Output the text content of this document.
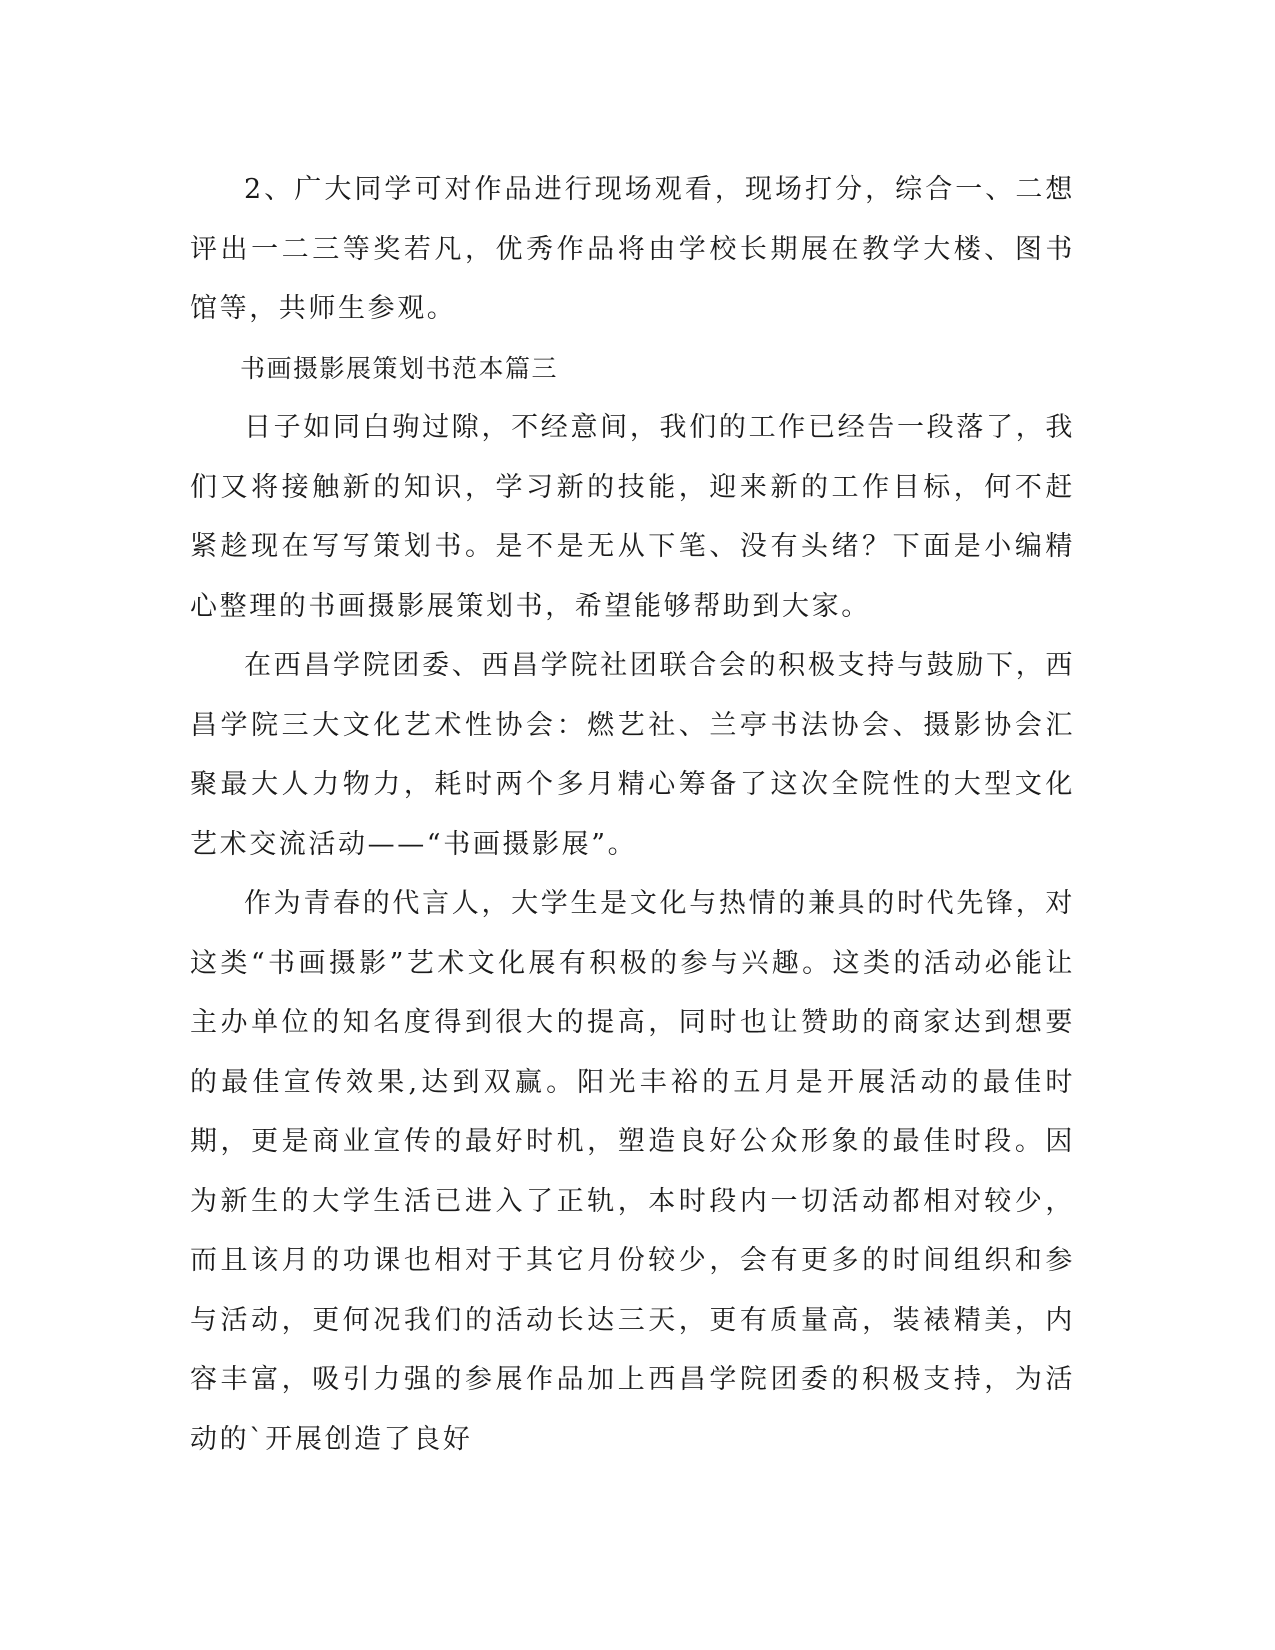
2、广大同学可对作品进行现场观看，现场打分，综合一、二想评出一二三等奖若凡，优秀作品将由学校长期展在教学大楼、图书馆等，共师生参观。

书画摄影展策划书范本篇三

日子如同白驹过隙，不经意间，我们的工作已经告一段落了，我们又将接触新的知识，学习新的技能，迎来新的工作目标，何不赶紧趁现在写写策划书。是不是无从下笔、没有头绪？下面是小编精心整理的书画摄影展策划书，希望能够帮助到大家。

在西昌学院团委、西昌学院社团联合会的积极支持与鼓励下，西昌学院三大文化艺术性协会：燃艺社、兰亭书法协会、摄影协会汇聚最大人力物力，耗时两个多月精心筹备了这次全院性的大型文化艺术交流活动——“书画摄影展”。

作为青春的代言人，大学生是文化与热情的兼具的时代先锋，对这类“书画摄影”艺术文化展有积极的参与兴趣。这类的活动必能让主办单位的知名度得到很大的提高，同时也让赞助的商家达到想要的最佳宣传效果,达到双赢。阳光丰裕的五月是开展活动的最佳时期，更是商业宣传的最好时机，塑造良好公众形象的最佳时段。因为新生的大学生活已进入了正轨，本时段内一切活动都相对较少，而且该月的功课也相对于其它月份较少，会有更多的时间组织和参与活动，更何况我们的活动长达三天，更有质量高，装裱精美，内容丰富，吸引力强的参展作品加上西昌学院团委的积极支持，为活动的`开展创造了良好
